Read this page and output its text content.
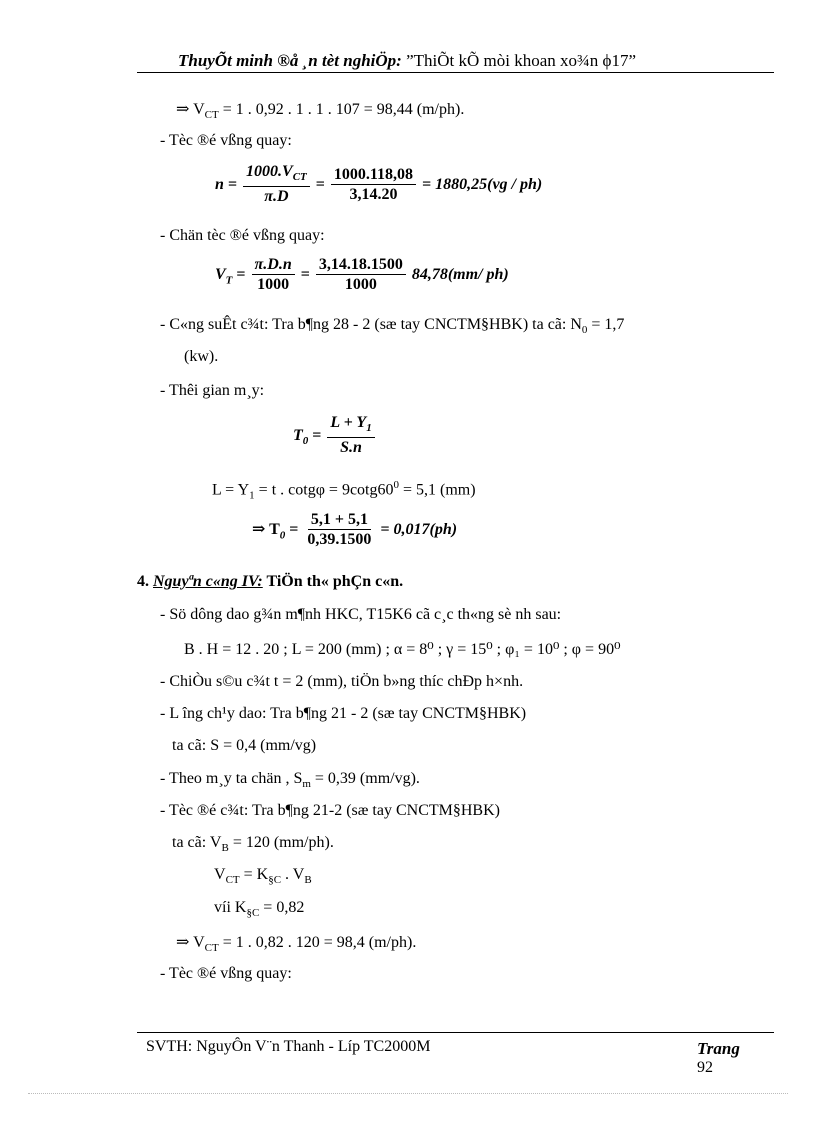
ThuyÕt minh ®å ¸n tèt nghiÖp: ”ThiÕt kÕ mòi khoan xo¾n ϕ17”
⇒ $V_{CT} = 1$ . 0,92 . 1 . 1 . 107 = 98,44 (m/ph).
- Tèc ®é vßng quay:
$n = \frac{1000.V_{CT}}{\pi.D} = \frac{1000.118,08}{3,14.20} = 1880,25(vg / ph)$
- Chän tèc ®é vßng quay:
$V_T = \frac{\pi.D.n}{1000} = \frac{3,14.18.1500}{1000} 84,78(mm/$ ph)
- C«ng suÊt c¾t: Tra b¶ng 28 - 2 (sæ tay CNCTM§HBK) ta cã: $N_0 = 1,7$
(kw).
- Thêi gian m¸y:
$T_0 = \frac{L + Y_1}{S.n}$
$L = Y_1 = t$ . $\cot g\varphi = 9\cot g60^0 = 5,1$ (mm)
⇒ $T_0 = \frac{5,1 + 5,1}{0,39.1500} = 0,017(ph)$
4. Nguyªn c«ng IV: TiÖn th« phÇn c«n.
- Sö dông dao g¾n m¶nh HKC, T15K6 cã c¸c th«ng sè nh sau:
B . H = 12 . 20 ; L = 200 (mm) ; α = 8⁰ ; γ = 15⁰ ; φ₁ = 10⁰ ; φ = 90⁰
- ChiÒu s©u c¾t t = 2 (mm), tiÖn b»ng thíc chÐp h×nh.
- L îng ch¹y dao: Tra b¶ng 21 - 2 (sæ tay CNCTM§HBK)
ta cã: S = 0,4 (mm/vg)
- Theo m¸y ta chän , $S_m = 0,39$ (mm/vg).
- Tèc ®é c¾t: Tra b¶ng 21-2 (sæ tay CNCTM§HBK)
ta cã: $V_B = 120$ (mm/ph).
$V_{CT} = K_{\S C}$ . $V_B$
víi $K_{\S C} = 0,82$
⇒ $V_{CT} = 1$ . 0,82 . 120 = 98,4 (m/ph).
- Tèc ®é vßng quay:
SVTH: NguyÔn V¨n Thanh - Líp TC2000M	Trang
92
